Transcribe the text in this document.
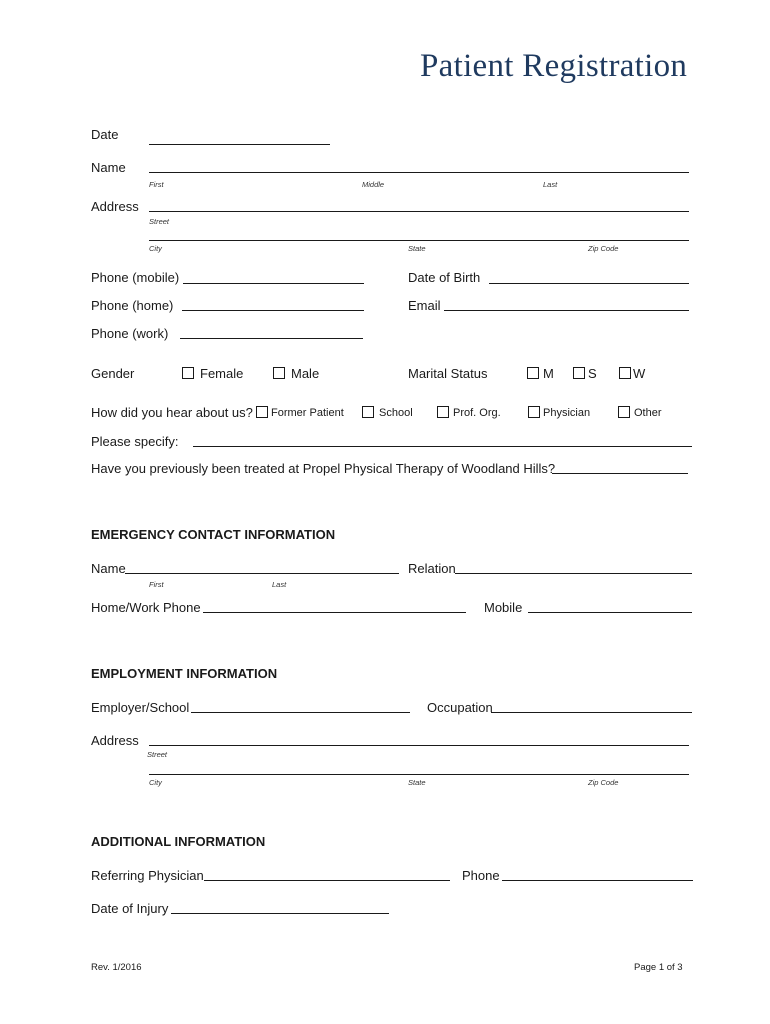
Patient Registration
Date
Name
First	Middle	Last
Address
Street
City	State	Zip Code
Phone (mobile)	Date of Birth
Phone (home)	Email
Phone (work)
Gender	Female	Male	Marital Status	M	S	W
How did you hear about us? Former Patient	School	Prof. Org.	Physician	Other
Please specify:
Have you previously been treated at Propel Physical Therapy of Woodland Hills?
EMERGENCY CONTACT INFORMATION
Name
First	Last
Relation
Home/Work Phone	Mobile
EMPLOYMENT INFORMATION
Employer/School	Occupation
Address
Street
City	State	Zip Code
ADDITIONAL INFORMATION
Referring Physician	Phone
Date of Injury
Rev. 1/2016	Page 1 of 3
